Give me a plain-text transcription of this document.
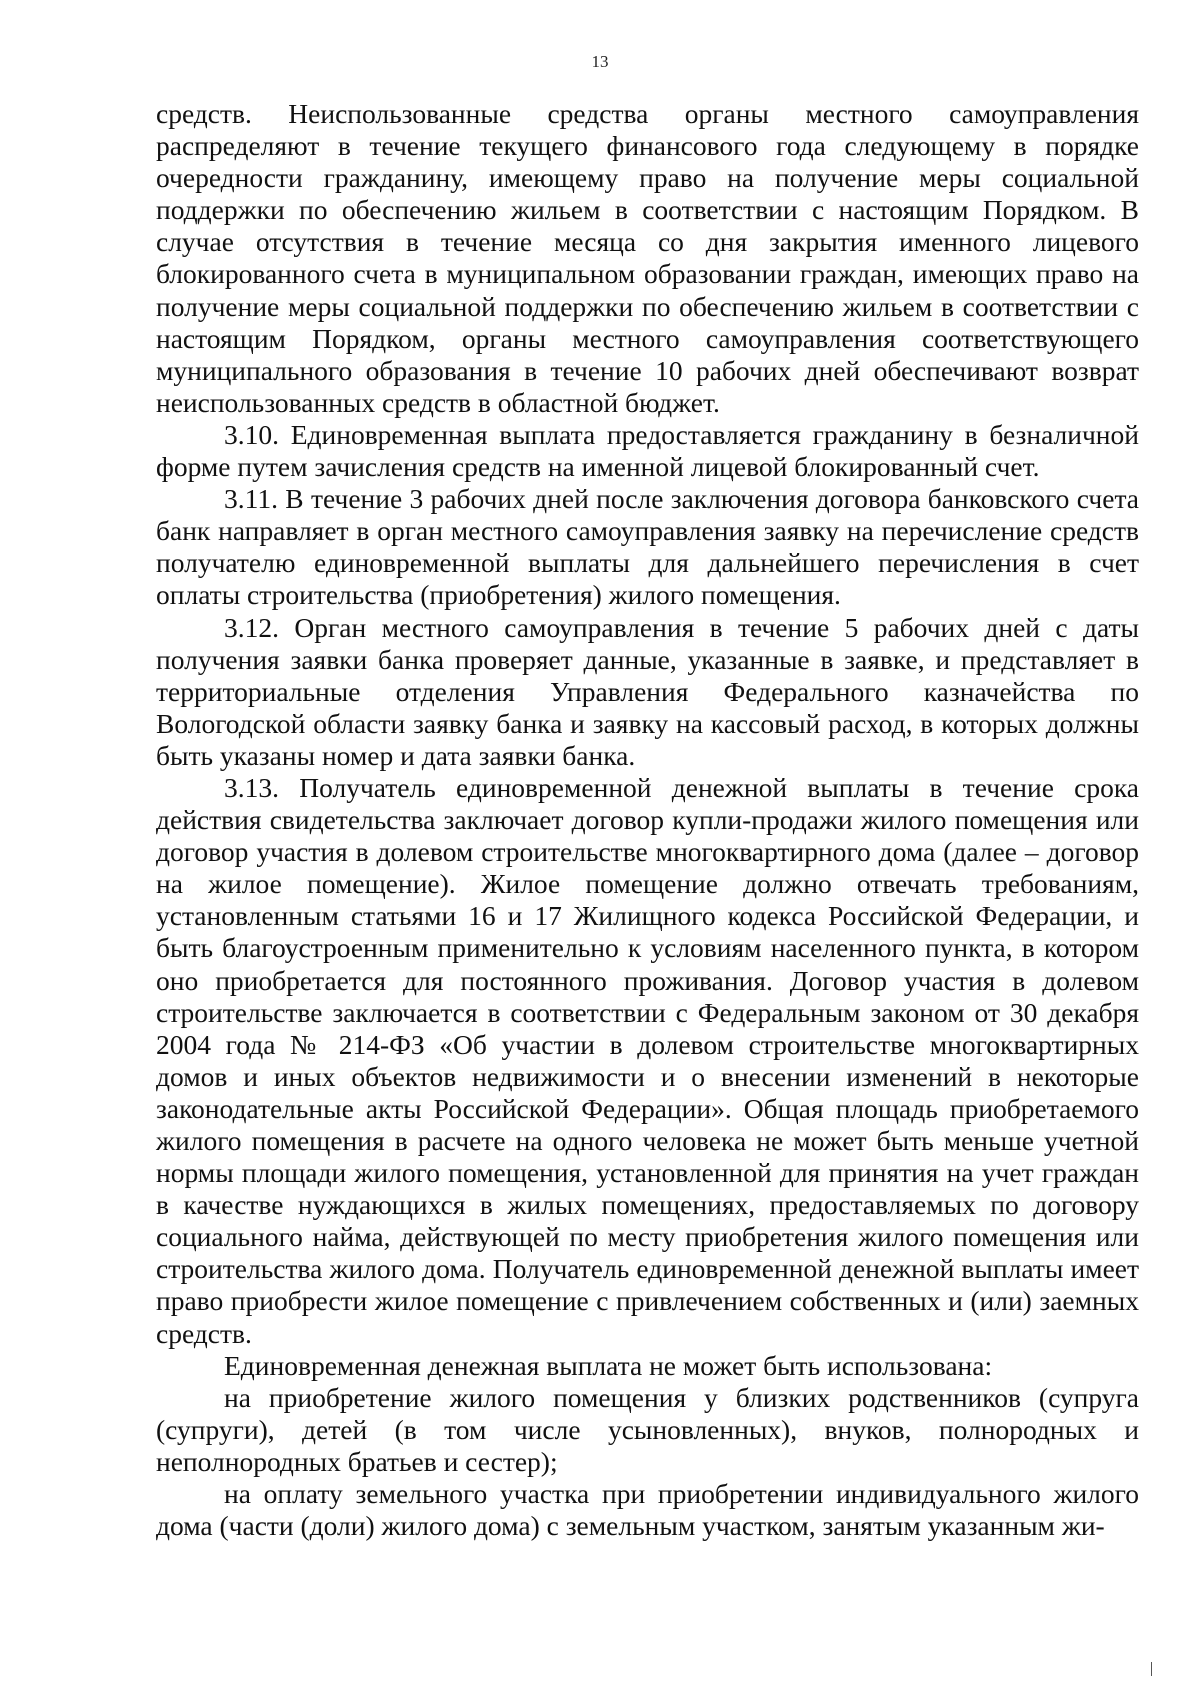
13

средств. Неиспользованные средства органы местного самоуправления распределяют в течение текущего финансового года следующему в порядке очередности гражданину, имеющему право на получение меры социальной поддержки по обеспечению жильем в соответствии с настоящим Порядком. В случае отсутствия в течение месяца со дня закрытия именного лицевого блокированного счета в муниципальном образовании граждан, имеющих право на получение меры социальной поддержки по обеспечению жильем в соответствии с настоящим Порядком, органы местного самоуправления соответствующего муниципального образования в течение 10 рабочих дней обеспечивают возврат неиспользованных средств в областной бюджет.

3.10. Единовременная выплата предоставляется гражданину в безналичной форме путем зачисления средств на именной лицевой блокированный счет.

3.11. В течение 3 рабочих дней после заключения договора банковского счета банк направляет в орган местного самоуправления заявку на перечисление средств получателю единовременной выплаты для дальнейшего перечисления в счет оплаты строительства (приобретения) жилого помещения.

3.12. Орган местного самоуправления в течение 5 рабочих дней с даты получения заявки банка проверяет данные, указанные в заявке, и представляет в территориальные отделения Управления Федерального казначейства по Вологодской области заявку банка и заявку на кассовый расход, в которых должны быть указаны номер и дата заявки банка.

3.13. Получатель единовременной денежной выплаты в течение срока действия свидетельства заключает договор купли-продажи жилого помещения или договор участия в долевом строительстве многоквартирного дома (далее – договор на жилое помещение). Жилое помещение должно отвечать требованиям, установленным статьями 16 и 17 Жилищного кодекса Российской Федерации, и быть благоустроенным применительно к условиям населенного пункта, в котором оно приобретается для постоянного проживания. Договор участия в долевом строительстве заключается в соответствии с Федеральным законом от 30 декабря 2004 года № 214-ФЗ «Об участии в долевом строительстве многоквартирных домов и иных объектов недвижимости и о внесении изменений в некоторые законодательные акты Российской Федерации». Общая площадь приобретаемого жилого помещения в расчете на одного человека не может быть меньше учетной нормы площади жилого помещения, установленной для принятия на учет граждан в качестве нуждающихся в жилых помещениях, предоставляемых по договору социального найма, действующей по месту приобретения жилого помещения или строительства жилого дома. Получатель единовременной денежной выплаты имеет право приобрести жилое помещение с привлечением собственных и (или) заемных средств.

Единовременная денежная выплата не может быть использована:

на приобретение жилого помещения у близких родственников (супруга (супруги), детей (в том числе усыновленных), внуков, полнородных и неполнородных братьев и сестер);

на оплату земельного участка при приобретении индивидуального жилого дома (части (доли) жилого дома) с земельным участком, занятым указанным жи-
